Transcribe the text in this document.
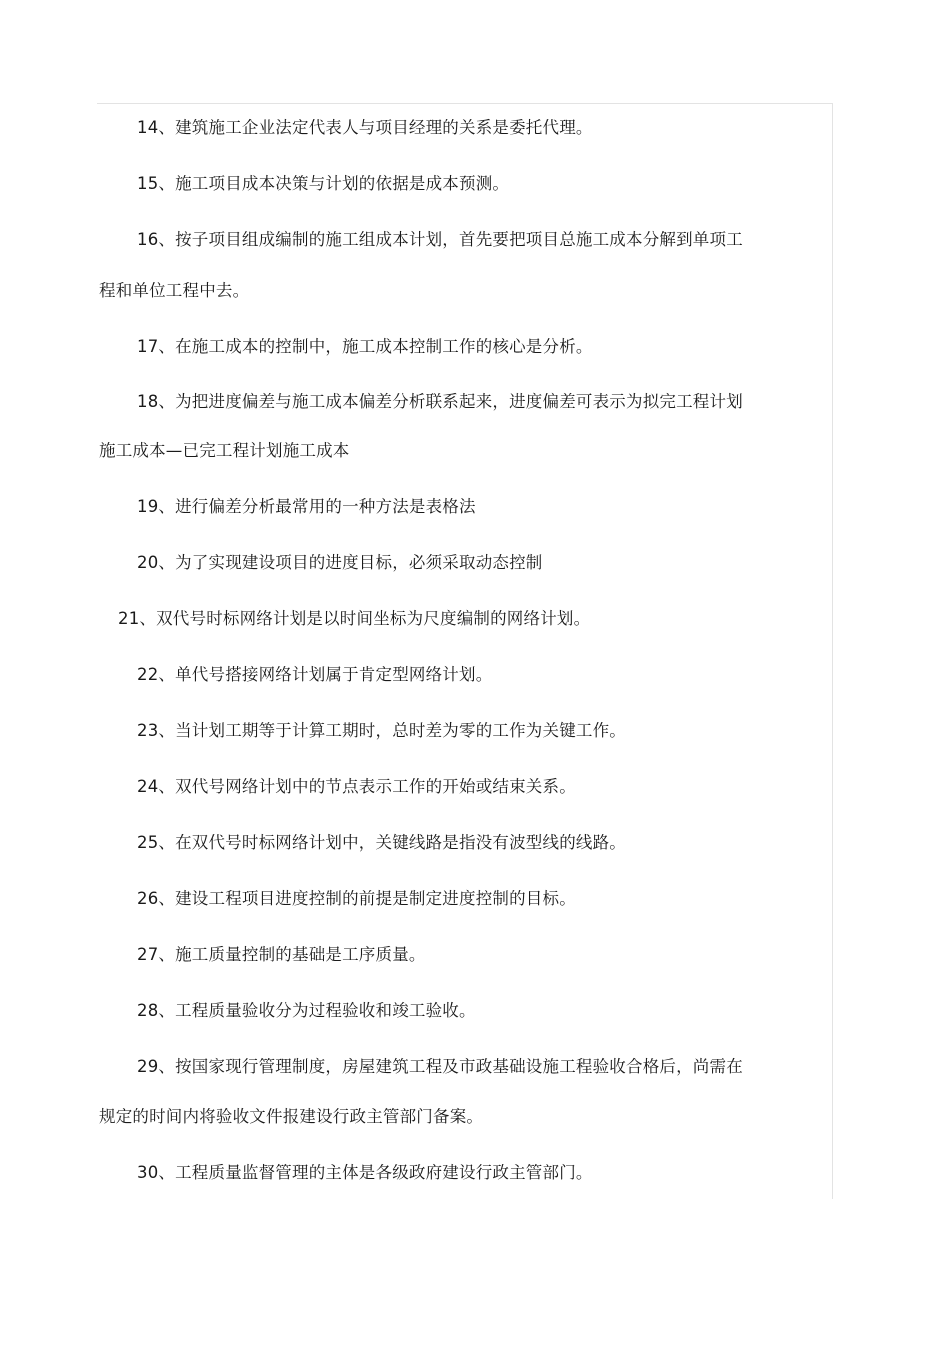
14、建筑施工企业法定代表人与项目经理的关系是委托代理。
15、施工项目成本决策与计划的依据是成本预测。
16、按子项目组成编制的施工组成本计划，首先要把项目总施工成本分解到单项工
程和单位工程中去。
17、在施工成本的控制中，施工成本控制工作的核心是分析。
18、为把进度偏差与施工成本偏差分析联系起来，进度偏差可表示为拟完工程计划
施工成本—已完工程计划施工成本
19、进行偏差分析最常用的一种方法是表格法
20、为了实现建设项目的进度目标，必须采取动态控制
21、双代号时标网络计划是以时间坐标为尺度编制的网络计划。
22、单代号搭接网络计划属于肯定型网络计划。
23、当计划工期等于计算工期时，总时差为零的工作为关键工作。
24、双代号网络计划中的节点表示工作的开始或结束关系。
25、在双代号时标网络计划中，关键线路是指没有波型线的线路。
26、建设工程项目进度控制的前提是制定进度控制的目标。
27、施工质量控制的基础是工序质量。
28、工程质量验收分为过程验收和竣工验收。
29、按国家现行管理制度，房屋建筑工程及市政基础设施工程验收合格后，尚需在
规定的时间内将验收文件报建设行政主管部门备案。
30、工程质量监督管理的主体是各级政府建设行政主管部门。
